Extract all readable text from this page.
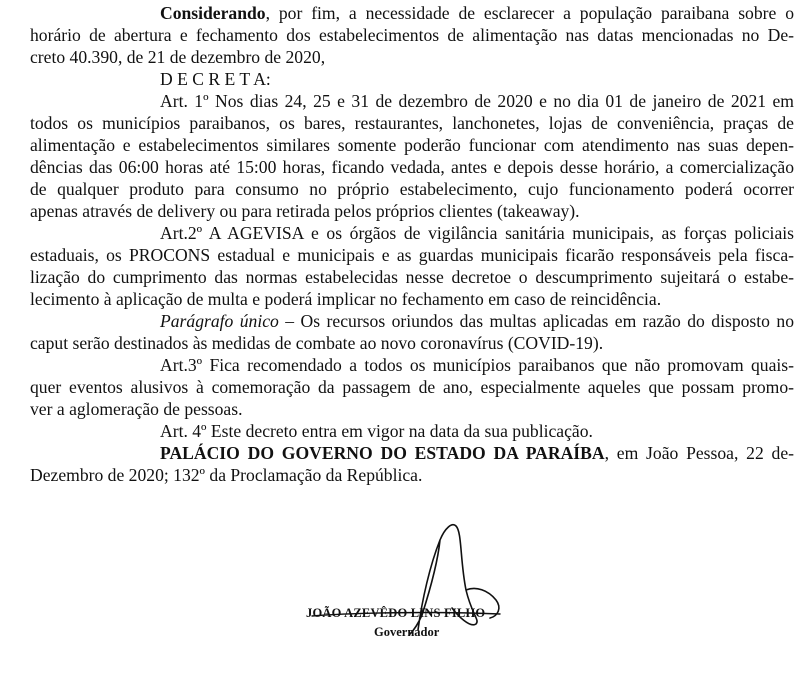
Considerando, por fim, a necessidade de esclarecer a população paraibana sobre o
horário de abertura e fechamento dos estabelecimentos de alimentação nas datas mencionadas no De-
creto 40.390, de 21 de dezembro de 2020,
D E C R E T A:
Art. 1º Nos dias 24, 25 e 31 de dezembro de 2020 e no dia 01 de janeiro de 2021 em
todos os municípios paraibanos, os bares, restaurantes, lanchonetes, lojas de conveniência, praças de
alimentação e estabelecimentos similares somente poderão funcionar com atendimento nas suas depen-
dências das 06:00 horas até 15:00 horas, ficando vedada, antes e depois desse horário, a comercialização
de qualquer produto para consumo no próprio estabelecimento, cujo funcionamento poderá ocorrer
apenas através de delivery ou para retirada pelos próprios clientes (takeaway).
Art.2º A AGEVISA e os órgãos de vigilância sanitária municipais, as forças policiais
estaduais, os PROCONS estadual e municipais e as guardas municipais ficarão responsáveis pela fisca-
lização do cumprimento das normas estabelecidas nesse decretoe o descumprimento sujeitará o estabe-
lecimento à aplicação de multa e poderá implicar no fechamento em caso de reincidência.
Parágrafo único – Os recursos oriundos das multas aplicadas em razão do disposto no
caput serão destinados às medidas de combate ao novo coronavírus (COVID-19).
Art.3º Fica recomendado a todos os municípios paraibanos que não promovam quais-
quer eventos alusivos à comemoração da passagem de ano, especialmente aqueles que possam promo-
ver a aglomeração de pessoas.
Art. 4º Este decreto entra em vigor na data da sua publicação.
PALÁCIO DO GOVERNO DO ESTADO DA PARAÍBA, em João Pessoa, 22 de-
Dezembro de 2020; 132º da Proclamação da República.
JOÃO AZEVÊDO LINS FILHO
Governador
